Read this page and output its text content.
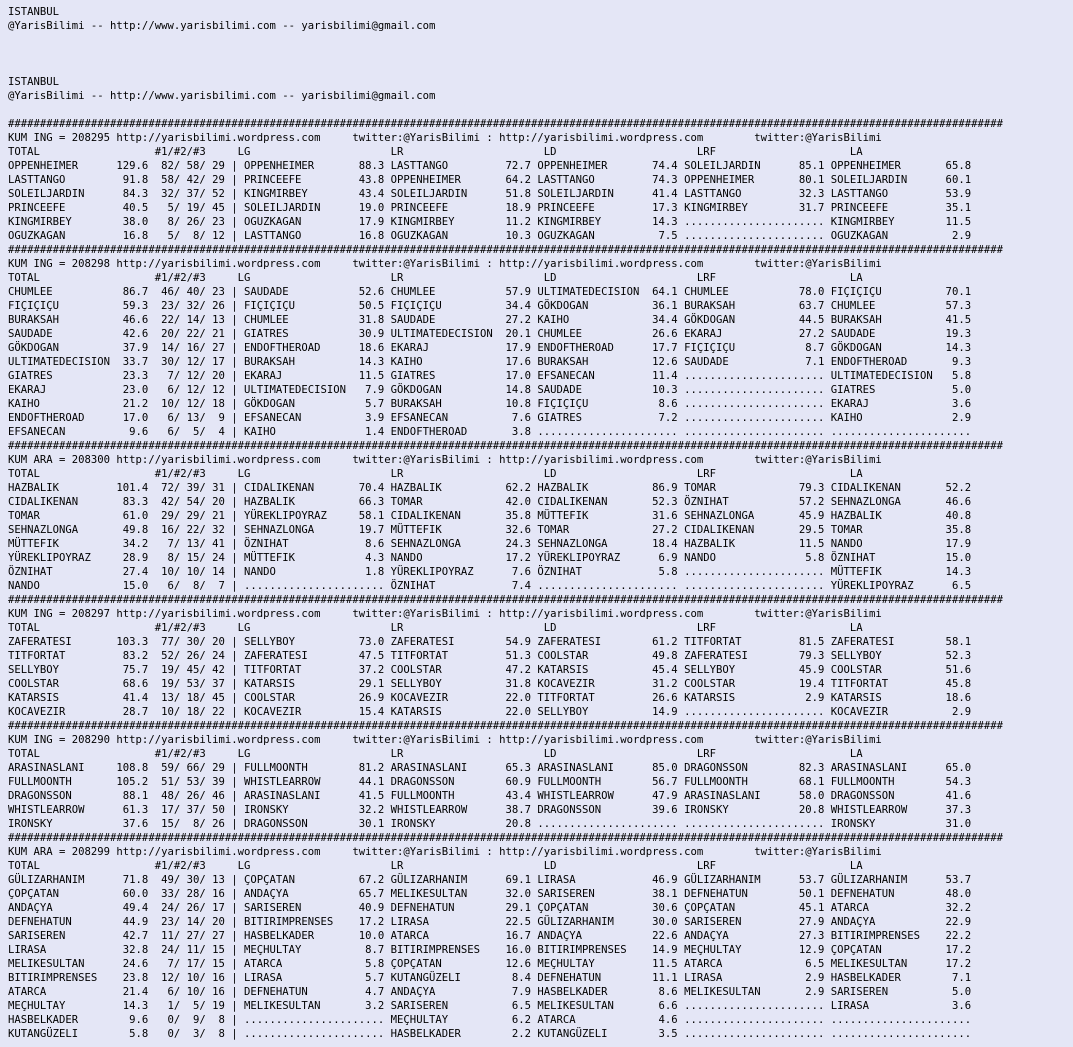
ISTANBUL
@YarisBilimi -- http://www.yarisbilimi.com -- yarisbilimi@gmail.com

ISTANBUL
@YarisBilimi -- http://www.yarisbilimi.com -- yarisbilimi@gmail.com

############################################################################################################################################################
KUM ING = 208295 http://yarisbilimi.wordpress.com     twitter:@YarisBilimi : http://yarisbilimi.wordpress.com        twitter:@YarisBilimi
TOTAL                  #1/#2/#3     LG                      LR                      LD                      LRF                     LA
OPPENHEIMER      129.6  82/ 58/ 29 | OPPENHEIMER       88.3 LASTTANGO         72.7 OPPENHEIMER       74.4 SOLEILJARDIN      85.1 OPPENHEIMER       65.8
LASTTANGO         91.8  58/ 42/ 29 | PRINCEEFE         43.8 OPPENHEIMER       64.2 LASTTANGO         74.3 OPPENHEIMER       80.1 SOLEILJARDIN      60.1
SOLEILJARDIN      84.3  32/ 37/ 52 | KINGMIRBEY        43.4 SOLEILJARDIN      51.8 SOLEILJARDIN      41.4 LASTTANGO         32.3 LASTTANGO         53.9
PRINCEEFE         40.5   5/ 19/ 45 | SOLEILJARDIN      19.0 PRINCEEFE         18.9 PRINCEEFE         17.3 KINGMIRBEY        31.7 PRINCEEFE         35.1
KINGMIRBEY        38.0   8/ 26/ 23 | OGUZKAGAN         17.9 KINGMIRBEY        11.2 KINGMIRBEY        14.3 ...................... KINGMIRBEY        11.5
OGUZKAGAN         16.8   5/  8/ 12 | LASTTANGO         16.8 OGUZKAGAN         10.3 OGUZKAGAN          7.5 ...................... OGUZKAGAN          2.9
############################################################################################################################################################
KUM ING = 208298 http://yarisbilimi.wordpress.com     twitter:@YarisBilimi : http://yarisbilimi.wordpress.com        twitter:@YarisBilimi
TOTAL                  #1/#2/#3     LG                      LR                      LD                      LRF                     LA
CHUMLEE           86.7  46/ 40/ 23 | SAUDADE           52.6 CHUMLEE           57.9 ULTIMATEDECISION  64.1 CHUMLEE           78.0 FIÇIÇIÇU          70.1
FIÇIÇIÇU          59.3  23/ 32/ 26 | FIÇIÇIÇU          50.5 FIÇIÇIÇU          34.4 GÖKDOGAN          36.1 BURAKSAH          63.7 CHUMLEE           57.3
BURAKSAH          46.6  22/ 14/ 13 | CHUMLEE           31.8 SAUDADE           27.2 KAIHO             34.4 GÖKDOGAN          44.5 BURAKSAH          41.5
SAUDADE           42.6  20/ 22/ 21 | GIATRES           30.9 ULTIMATEDECISION  20.1 CHUMLEE           26.6 EKARAJ            27.2 SAUDADE           19.3
GÖKDOGAN          37.9  14/ 16/ 27 | ENDOFTHEROAD      18.6 EKARAJ            17.9 ENDOFTHEROAD      17.7 FIÇIÇIÇU           8.7 GÖKDOGAN          14.3
ULTIMATEDECISION  33.7  30/ 12/ 17 | BURAKSAH          14.3 KAIHO             17.6 BURAKSAH          12.6 SAUDADE            7.1 ENDOFTHEROAD       9.3
GIATRES           23.3   7/ 12/ 20 | EKARAJ            11.5 GIATRES           17.0 EFSANECAN         11.4 ...................... ULTIMATEDECISION   5.8
EKARAJ            23.0   6/ 12/ 12 | ULTIMATEDECISION   7.9 GÖKDOGAN          14.8 SAUDADE           10.3 ...................... GIATRES            5.0
KAIHO             21.2  10/ 12/ 18 | GÖKDOGAN           5.7 BURAKSAH          10.8 FIÇIÇIÇU           8.6 ...................... EKARAJ             3.6
ENDOFTHEROAD      17.0   6/ 13/  9 | EFSANECAN          3.9 EFSANECAN          7.6 GIATRES            7.2 ...................... KAIHO              2.9
EFSANECAN          9.6   6/  5/  4 | KAIHO              1.4 ENDOFTHEROAD       3.8 ...................... ...................... ......................
############################################################################################################################################################
KUM ARA = 208300 http://yarisbilimi.wordpress.com     twitter:@YarisBilimi : http://yarisbilimi.wordpress.com        twitter:@YarisBilimi
TOTAL                  #1/#2/#3     LG                      LR                      LD                      LRF                     LA
HAZBALIK         101.4  72/ 39/ 31 | CIDALIKENAN       70.4 HAZBALIK          62.2 HAZBALIK          86.9 TOMAR             79.3 CIDALIKENAN       52.2
CIDALIKENAN       83.3  42/ 54/ 20 | HAZBALIK          66.3 TOMAR             42.0 CIDALIKENAN       52.3 ÖZNIHAT           57.2 SEHNAZLONGA       46.6
TOMAR             61.0  29/ 29/ 21 | YÜREKLIPOYRAZ     58.1 CIDALIKENAN       35.8 MÜTTEFIK          31.6 SEHNAZLONGA       45.9 HAZBALIK          40.8
SEHNAZLONGA       49.8  16/ 22/ 32 | SEHNAZLONGA       19.7 MÜTTEFIK          32.6 TOMAR             27.2 CIDALIKENAN       29.5 TOMAR             35.8
MÜTTEFIK          34.2   7/ 13/ 41 | ÖZNIHAT            8.6 SEHNAZLONGA       24.3 SEHNAZLONGA       18.4 HAZBALIK          11.5 NANDO             17.9
YÜREKLIPOYRAZ     28.9   8/ 15/ 24 | MÜTTEFIK           4.3 NANDO             17.2 YÜREKLIPOYRAZ      6.9 NANDO              5.8 ÖZNIHAT           15.0
ÖZNIHAT           27.4  10/ 10/ 14 | NANDO              1.8 YÜREKLIPOYRAZ      7.6 ÖZNIHAT            5.8 ...................... MÜTTEFIK          14.3
NANDO             15.0   6/  8/  7 | ...................... ÖZNIHAT            7.4 ...................... ...................... YÜREKLIPOYRAZ      6.5
############################################################################################################################################################
KUM ING = 208297 http://yarisbilimi.wordpress.com     twitter:@YarisBilimi : http://yarisbilimi.wordpress.com        twitter:@YarisBilimi
TOTAL                  #1/#2/#3     LG                      LR                      LD                      LRF                     LA
ZAFERATESI       103.3  77/ 30/ 20 | SELLYBOY          73.0 ZAFERATESI        54.9 ZAFERATESI        61.2 TITFORTAT         81.5 ZAFERATESI        58.1
TITFORTAT         83.2  52/ 26/ 24 | ZAFERATESI        47.5 TITFORTAT         51.3 COOLSTAR          49.8 ZAFERATESI        79.3 SELLYBOY          52.3
SELLYBOY          75.7  19/ 45/ 42 | TITFORTAT         37.2 COOLSTAR          47.2 KATARSIS          45.4 SELLYBOY          45.9 COOLSTAR          51.6
COOLSTAR          68.6  19/ 53/ 37 | KATARSIS          29.1 SELLYBOY          31.8 KOCAVEZIR         31.2 COOLSTAR          19.4 TITFORTAT         45.8
KATARSIS          41.4  13/ 18/ 45 | COOLSTAR          26.9 KOCAVEZIR         22.0 TITFORTAT         26.6 KATARSIS           2.9 KATARSIS          18.6
KOCAVEZIR         28.7  10/ 18/ 22 | KOCAVEZIR         15.4 KATARSIS          22.0 SELLYBOY          14.9 ...................... KOCAVEZIR          2.9
############################################################################################################################################################
KUM ING = 208290 http://yarisbilimi.wordpress.com     twitter:@YarisBilimi : http://yarisbilimi.wordpress.com        twitter:@YarisBilimi
TOTAL                  #1/#2/#3     LG                      LR                      LD                      LRF                     LA
ARASINASLANI     108.8  59/ 66/ 29 | FULLMOONTH        81.2 ARASINASLANI      65.3 ARASINASLANI      85.0 DRAGONSSON        82.3 ARASINASLANI      65.0
FULLMOONTH       105.2  51/ 53/ 39 | WHISTLEARROW      44.1 DRAGONSSON        60.9 FULLMOONTH        56.7 FULLMOONTH        68.1 FULLMOONTH        54.3
DRAGONSSON        88.1  48/ 26/ 46 | ARASINASLANI      41.5 FULLMOONTH        43.4 WHISTLEARROW      47.9 ARASINASLANI      58.0 DRAGONSSON        41.6
WHISTLEARROW      61.3  17/ 37/ 50 | IRONSKY           32.2 WHISTLEARROW      38.7 DRAGONSSON        39.6 IRONSKY           20.8 WHISTLEARROW      37.3
IRONSKY           37.6  15/  8/ 26 | DRAGONSSON        30.1 IRONSKY           20.8 ...................... ...................... IRONSKY           31.0
############################################################################################################################################################
KUM ARA = 208299 http://yarisbilimi.wordpress.com     twitter:@YarisBilimi : http://yarisbilimi.wordpress.com        twitter:@YarisBilimi
TOTAL                  #1/#2/#3     LG                      LR                      LD                      LRF                     LA
GÜLIZARHANIM      71.8  49/ 30/ 13 | ÇOPÇATAN          67.2 GÜLIZARHANIM      69.1 LIRASA            46.9 GÜLIZARHANIM      53.7 GÜLIZARHANIM      53.7
ÇOPÇATAN          60.0  33/ 28/ 16 | ANDAÇYA           65.7 MELIKESULTAN      32.0 SARISEREN         38.1 DEFNEHATUN        50.1 DEFNEHATUN        48.0
ANDAÇYA           49.4  24/ 26/ 17 | SARISEREN         40.9 DEFNEHATUN        29.1 ÇOPÇATAN          30.6 ÇOPÇATAN          45.1 ATARCA            32.2
DEFNEHATUN        44.9  23/ 14/ 20 | BITIRIMPRENSES    17.2 LIRASA            22.5 GÜLIZARHANIM      30.0 SARISEREN         27.9 ANDAÇYA           22.9
SARISEREN         42.7  11/ 27/ 27 | HASBELKADER       10.0 ATARCA            16.7 ANDAÇYA           22.6 ANDAÇYA           27.3 BITIRIMPRENSES    22.2
LIRASA            32.8  24/ 11/ 15 | MEÇHULTAY          8.7 BITIRIMPRENSES    16.0 BITIRIMPRENSES    14.9 MEÇHULTAY         12.9 ÇOPÇATAN          17.2
MELIKESULTAN      24.6   7/ 17/ 15 | ATARCA             5.8 ÇOPÇATAN          12.6 MEÇHULTAY         11.5 ATARCA             6.5 MELIKESULTAN      17.2
BITIRIMPRENSES    23.8  12/ 10/ 16 | LIRASA             5.7 KUTANGÜZELI        8.4 DEFNEHATUN        11.1 LIRASA             2.9 HASBELKADER        7.1
ATARCA            21.4   6/ 10/ 16 | DEFNEHATUN         4.7 ANDAÇYA            7.9 HASBELKADER        8.6 MELIKESULTAN       2.9 SARISEREN          5.0
MEÇHULTAY         14.3   1/  5/ 19 | MELIKESULTAN       3.2 SARISEREN          6.5 MELIKESULTAN       6.6 ...................... LIRASA             3.6
HASBELKADER        9.6   0/  9/  8 | ...................... MEÇHULTAY          6.2 ATARCA             4.6 ...................... ......................
KUTANGÜZELI        5.8   0/  3/  8 | ...................... HASBELKADER        2.2 KUTANGÜZELI        3.5 ...................... ......................
